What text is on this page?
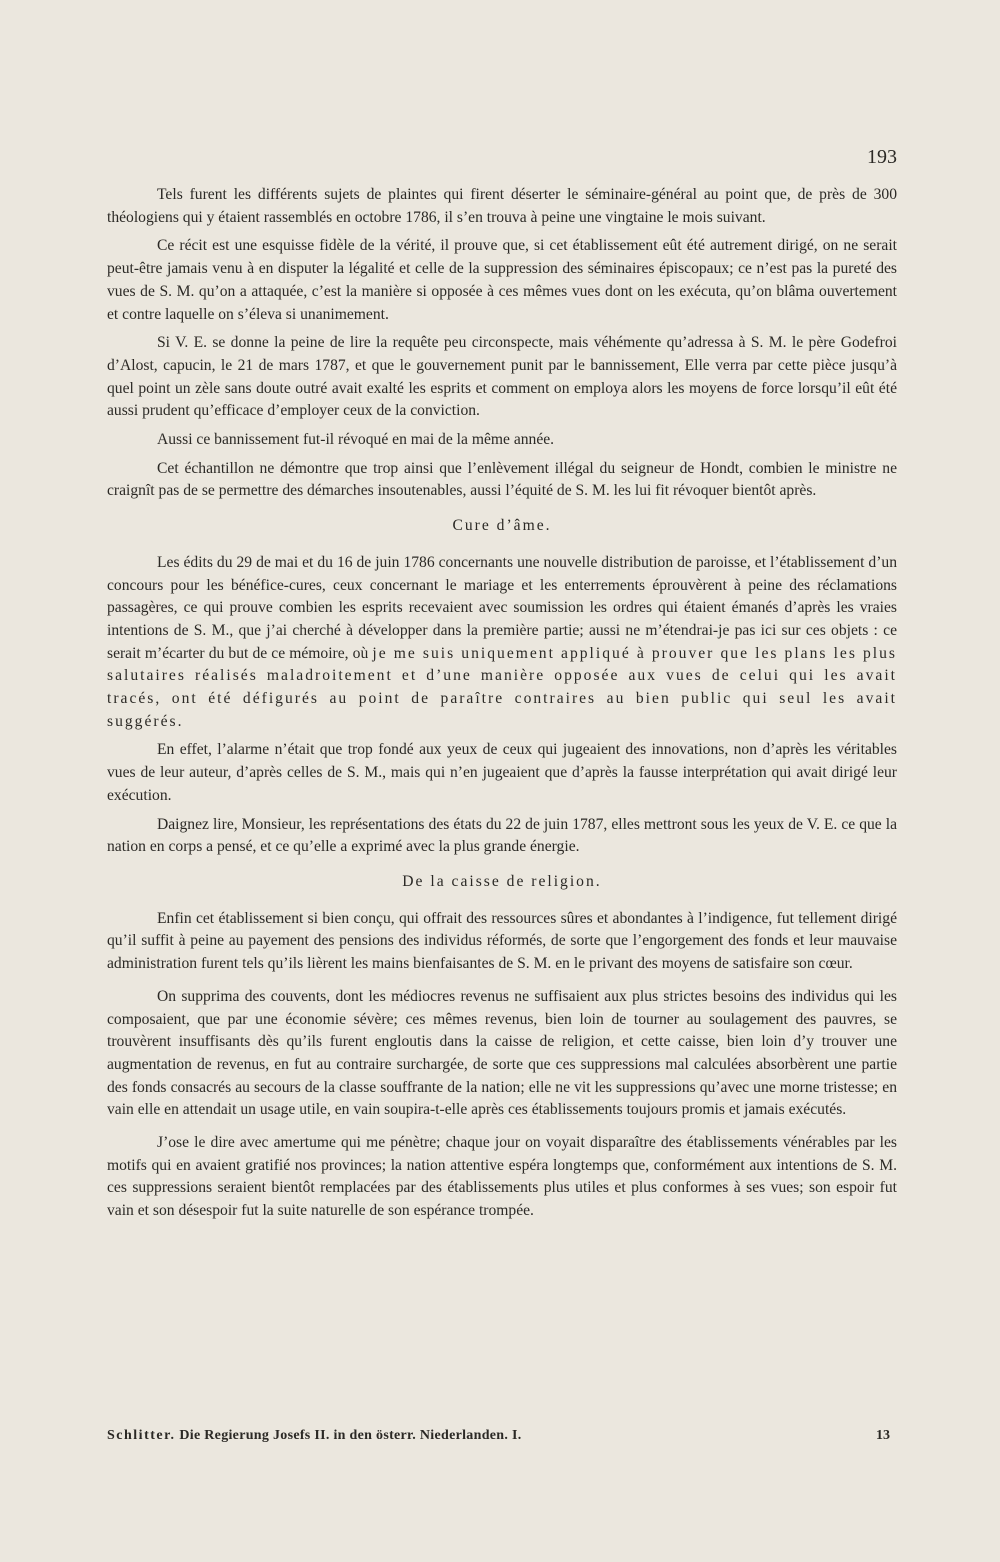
193

Tels furent les différents sujets de plaintes qui firent déserter le séminaire-général au point que, de près de 300 théologiens qui y étaient rassemblés en octobre 1786, il s’en trouva à peine une vingtaine le mois suivant.

Ce récit est une esquisse fidèle de la vérité, il prouve que, si cet établissement eût été autrement dirigé, on ne serait peut-être jamais venu à en disputer la légalité et celle de la suppression des séminaires épiscopaux; ce n’est pas la pureté des vues de S. M. qu’on a attaquée, c’est la manière si opposée à ces mêmes vues dont on les exécuta, qu’on blâma ouvertement et contre laquelle on s’éleva si unanimement.

Si V. E. se donne la peine de lire la requête peu circonspecte, mais véhémente qu’adressa à S. M. le père Godefroi d’Alost, capucin, le 21 de mars 1787, et que le gouvernement punit par le bannissement, Elle verra par cette pièce jusqu’à quel point un zèle sans doute outré avait exalté les esprits et comment on employa alors les moyens de force lorsqu’il eût été aussi prudent qu’efficace d’employer ceux de la conviction.

Aussi ce bannissement fut-il révoqué en mai de la même année.

Cet échantillon ne démontre que trop ainsi que l’enlèvement illégal du seigneur de Hondt, combien le ministre ne craignît pas de se permettre des démarches insoutenables, aussi l’équité de S. M. les lui fit révoquer bientôt après.

Cure d’âme.

Les édits du 29 de mai et du 16 de juin 1786 concernants une nouvelle distribution de paroisse, et l’établissement d’un concours pour les bénéfice-cures, ceux concernant le mariage et les enterrements éprouvèrent à peine des réclamations passagères, ce qui prouve combien les esprits recevaient avec soumission les ordres qui étaient émanés d’après les vraies intentions de S. M., que j’ai cherché à développer dans la première partie; aussi ne m’étendrai-je pas ici sur ces objets : ce serait m’écarter du but de ce mémoire, où je me suis uniquement appliqué à prouver que les plans les plus salutaires réalisés maladroitement et d’une manière opposée aux vues de celui qui les avait tracés, ont été défigurés au point de paraître contraires au bien public qui seul les avait suggérés.

En effet, l’alarme n’était que trop fondé aux yeux de ceux qui jugeaient des innovations, non d’après les véritables vues de leur auteur, d’après celles de S. M., mais qui n’en jugeaient que d’après la fausse interprétation qui avait dirigé leur exécution.

Daignez lire, Monsieur, les représentations des états du 22 de juin 1787, elles mettront sous les yeux de V. E. ce que la nation en corps a pensé, et ce qu’elle a exprimé avec la plus grande énergie.

De la caisse de religion.

Enfin cet établissement si bien conçu, qui offrait des ressources sûres et abondantes à l’indigence, fut tellement dirigé qu’il suffit à peine au payement des pensions des individus réformés, de sorte que l’engorgement des fonds et leur mauvaise administration furent tels qu’ils lièrent les mains bienfaisantes de S. M. en le privant des moyens de satisfaire son cœur.

On supprima des couvents, dont les médiocres revenus ne suffisaient aux plus strictes besoins des individus qui les composaient, que par une économie sévère; ces mêmes revenus, bien loin de tourner au soulagement des pauvres, se trouvèrent insuffisants dès qu’ils furent engloutis dans la caisse de religion, et cette caisse, bien loin d’y trouver une augmentation de revenus, en fut au contraire surchargée, de sorte que ces suppressions mal calculées absorbèrent une partie des fonds consacrés au secours de la classe souffrante de la nation; elle ne vit les suppressions qu’avec une morne tristesse; en vain elle en attendait un usage utile, en vain soupira-t-elle après ces établissements toujours promis et jamais exécutés.

J’ose le dire avec amertume qui me pénètre; chaque jour on voyait disparaître des établissements vénérables par les motifs qui en avaient gratifié nos provinces; la nation attentive espéra longtemps que, conformément aux intentions de S. M. ces suppressions seraient bientôt remplacées par des établissements plus utiles et plus conformes à ses vues; son espoir fut vain et son désespoir fut la suite naturelle de son espérance trompée.

Schlitter. Die Regierung Josefs II. in den österr. Niederlanden. I.	13
